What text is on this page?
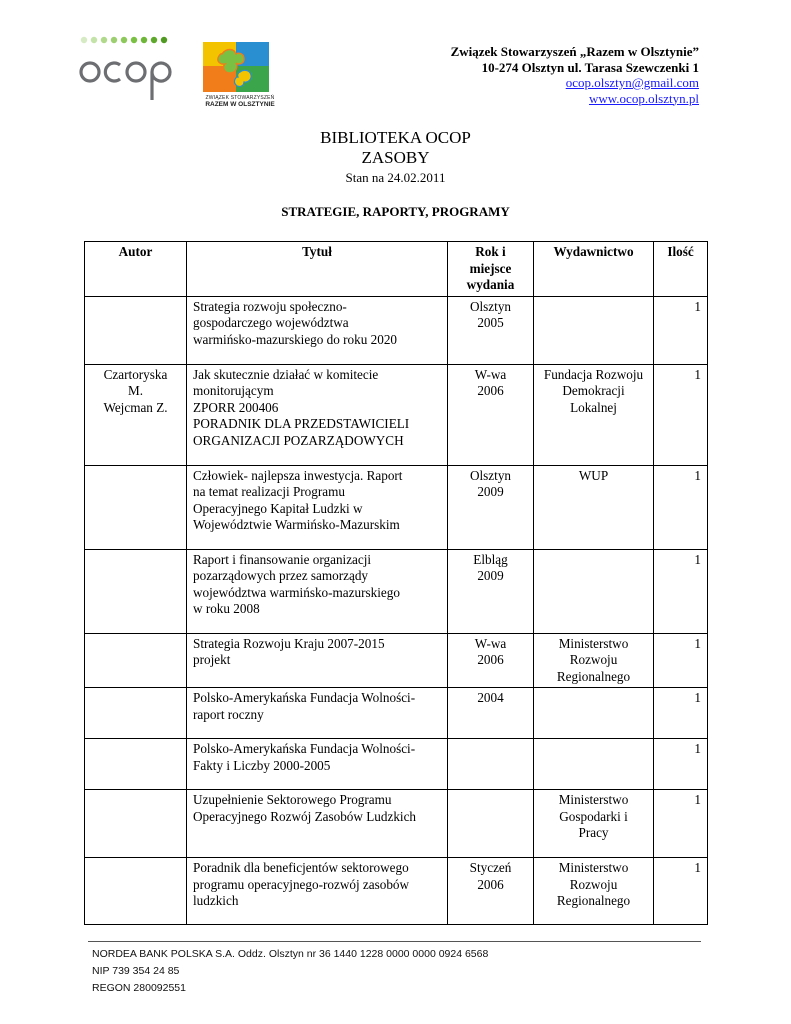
ZWIĄZEK STOWARZYSZEŃ
RAZEM W OLSZTYNIE
Związek Stowarzyszeń „Razem w Olsztynie”
10-274 Olsztyn ul. Tarasa Szewczenki 1
ocop.olsztyn@gmail.com
www.ocop.olsztyn.pl
BIBLIOTEKA OCOP
ZASOBY
Stan na 24.02.2011
STRATEGIE, RAPORTY, PROGRAMY
Autor	Tytuł	Rok i
miejsce
wydania	Wydawnictwo	Ilość

	Strategia rozwoju społeczno-
gospodarczego województwa
warmińsko-mazurskiego do roku 2020	Olsztyn
2005		1

Czartoryska
M.
Wejcman Z.	Jak skutecznie działać w komitecie
monitorującym
ZPORR 200406
PORADNIK DLA PRZEDSTAWICIELI
ORGANIZACJI POZARZĄDOWYCH	W-wa
2006	Fundacja Rozwoju
Demokracji
Lokalnej	1

	Człowiek- najlepsza inwestycja. Raport
na temat realizacji Programu
Operacyjnego Kapitał Ludzki w
Województwie Warmińsko-Mazurskim	Olsztyn
2009	WUP	1

	Raport i finansowanie organizacji
pozarządowych przez samorządy
województwa warmińsko-mazurskiego
w roku 2008	Elbląg
2009		1

	Strategia Rozwoju Kraju 2007-2015
projekt	W-wa
2006	Ministerstwo
Rozwoju
Regionalnego	1

	Polsko-Amerykańska Fundacja Wolności-
raport roczny	2004		1

	Polsko-Amerykańska Fundacja Wolności-
Fakty i Liczby 2000-2005			1

	Uzupełnienie Sektorowego Programu
Operacyjnego Rozwój Zasobów Ludzkich		Ministerstwo
Gospodarki i
Pracy	1

	Poradnik dla beneficjentów sektorowego
programu operacyjnego-rozwój zasobów
ludzkich	Styczeń
2006	Ministerstwo
Rozwoju
Regionalnego	1
NORDEA BANK POLSKA S.A. Oddz. Olsztyn nr 36 1440 1228 0000 0000 0924 6568
NIP 739 354 24 85
REGON 280092551
